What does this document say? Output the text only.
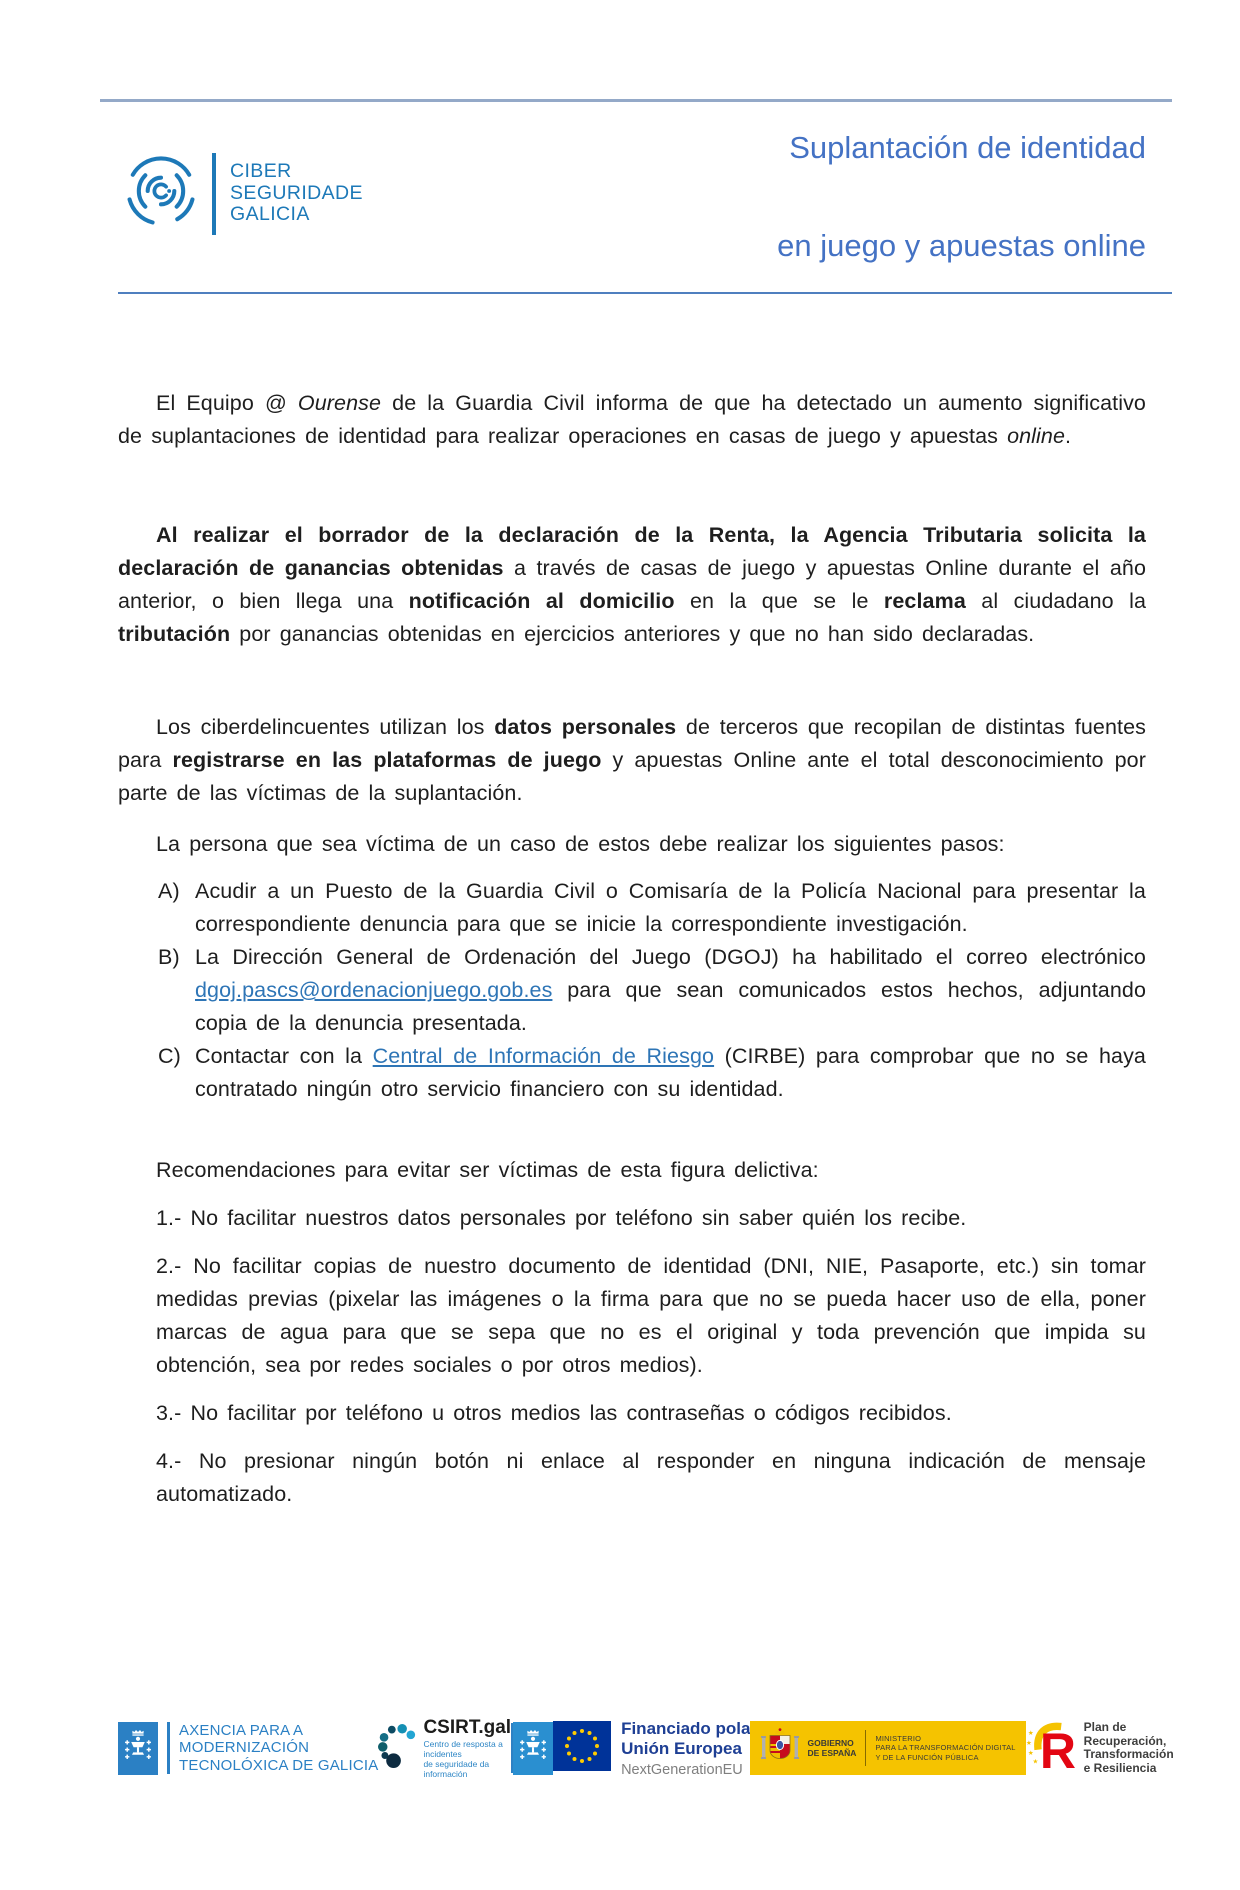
CIBER
SEGURIDADE
GALICIA
Suplantación de identidad
en juego y apuestas online

El Equipo @ Ourense de la Guardia Civil informa de que ha detectado un aumento significativo de suplantaciones de identidad para realizar operaciones en casas de juego y apuestas online.

Al realizar el borrador de la declaración de la Renta, la Agencia Tributaria solicita la declaración de ganancias obtenidas a través de casas de juego y apuestas Online durante el año anterior, o bien llega una notificación al domicilio en la que se le reclama al ciudadano la tributación por ganancias obtenidas en ejercicios anteriores y que no han sido declaradas.

Los ciberdelincuentes utilizan los datos personales de terceros que recopilan de distintas fuentes para registrarse en las plataformas de juego y apuestas Online ante el total desconocimiento por parte de las víctimas de la suplantación.

La persona que sea víctima de un caso de estos debe realizar los siguientes pasos:

A) Acudir a un Puesto de la Guardia Civil o Comisaría de la Policía Nacional para presentar la correspondiente denuncia para que se inicie la correspondiente investigación.

B) La Dirección General de Ordenación del Juego (DGOJ) ha habilitado el correo electrónico dgoj.pascs@ordenacionjuego.gob.es para que sean comunicados estos hechos, adjuntando copia de la denuncia presentada.

C) Contactar con la Central de Información de Riesgo (CIRBE) para comprobar que no se haya contratado ningún otro servicio financiero con su identidad.

Recomendaciones para evitar ser víctimas de esta figura delictiva:

1.- No facilitar nuestros datos personales por teléfono sin saber quién los recibe.

2.- No facilitar copias de nuestro documento de identidad (DNI, NIE, Pasaporte, etc.) sin tomar medidas previas (pixelar las imágenes o la firma para que no se pueda hacer uso de ella, poner marcas de agua para que se sepa que no es el original y toda prevención que impida su obtención, sea por redes sociales o por otros medios).

3.- No facilitar por teléfono u otros medios las contraseñas o códigos recibidos.

4.- No presionar ningún botón ni enlace al responder en ninguna indicación de mensaje automatizado.

AXENCIA PARA A
MODERNIZACIÓN
TECNOLÓXICA DE GALICIA
CSIRT.gal
Centro de resposta a incidentes
de seguridade da información
Financiado pola
Unión Europea
NextGenerationEU
GOBIERNO
DE ESPAÑA
MINISTERIO
PARA LA TRANSFORMACIÓN DIGITAL
Y DE LA FUNCIÓN PÚBLICA
★
★
★
★ R Plan de
Recuperación,
Transformación
e Resiliencia
